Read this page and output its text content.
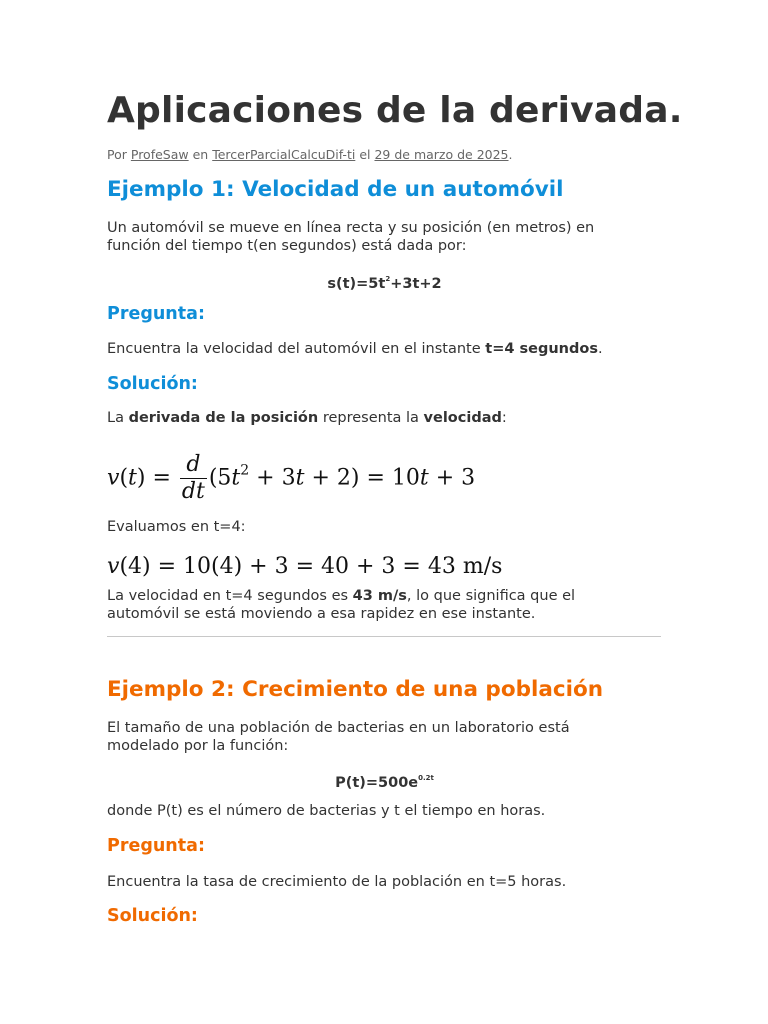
Aplicaciones de la derivada.
Por ProfeSaw en TercerParcialCalcuDif-ti el 29 de marzo de 2025.
Ejemplo 1: Velocidad de un automóvil

Un automóvil se mueve en línea recta y su posición (en metros) en función del tiempo t(en segundos) está dada por:

$s(t)=5t^2+3t+2$
Pregunta:

Encuentra la velocidad del automóvil en el instante t=4 segundos.

Solución:

La derivada de la posición representa la velocidad:

$v(t) = \frac{d}{dt} (5t^2 + 3t + 2) = 10t + 3$

Evaluamos en t=4:

v(4) = 10(4) + 3 = 40 + 3 = 43 m/s

La velocidad en t=4 segundos es 43 m/s, lo que significa que el automóvil se está moviendo a esa rapidez en ese instante.

Ejemplo 2: Crecimiento de una población

El tamaño de una población de bacterias en un laboratorio está modelado por la función:

$P(t)=500e^{0.2t}$

donde P(t) es el número de bacterias y t el tiempo en horas.

Pregunta:

Encuentra la tasa de crecimiento de la población en t=5 horas.

Solución:
